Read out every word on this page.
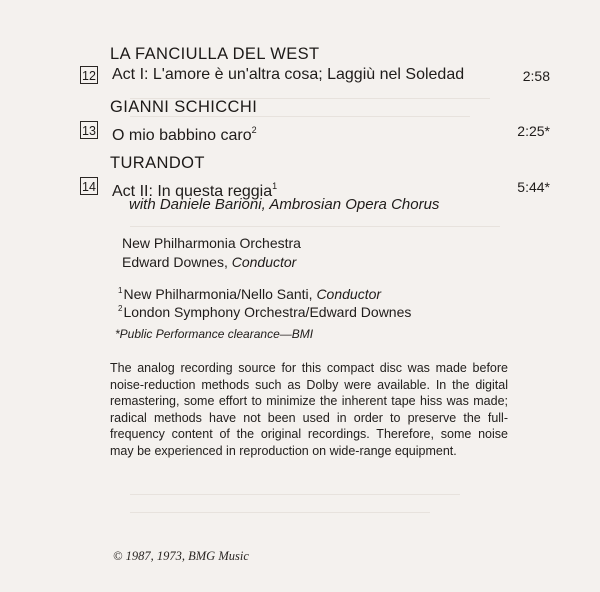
LA FANCIULLA DEL WEST
12 Act I: L'amore è un'altra cosa; Laggiù nel Soledad	2:58
GIANNI SCHICCHI
13 O mio babbino caro$^2$	2:25*
TURANDOT
14 Act II: In questa reggia$^1$	5:44*
with Daniele Barioni, Ambrosian Opera Chorus
New Philharmonia Orchestra
Edward Downes, Conductor
$^1$New Philharmonia/Nello Santi, Conductor
$^2$London Symphony Orchestra/Edward Downes
*Public Performance clearance—BMI

The analog recording source for this compact disc was made before noise-reduction methods such as Dolby were available. In the digital remastering, some effort to minimize the inherent tape hiss was made; radical methods have not been used in order to preserve the full-frequency content of the original recordings. Therefore, some noise may be experienced in reproduction on wide-range equipment.

© 1987, 1973, BMG Music
